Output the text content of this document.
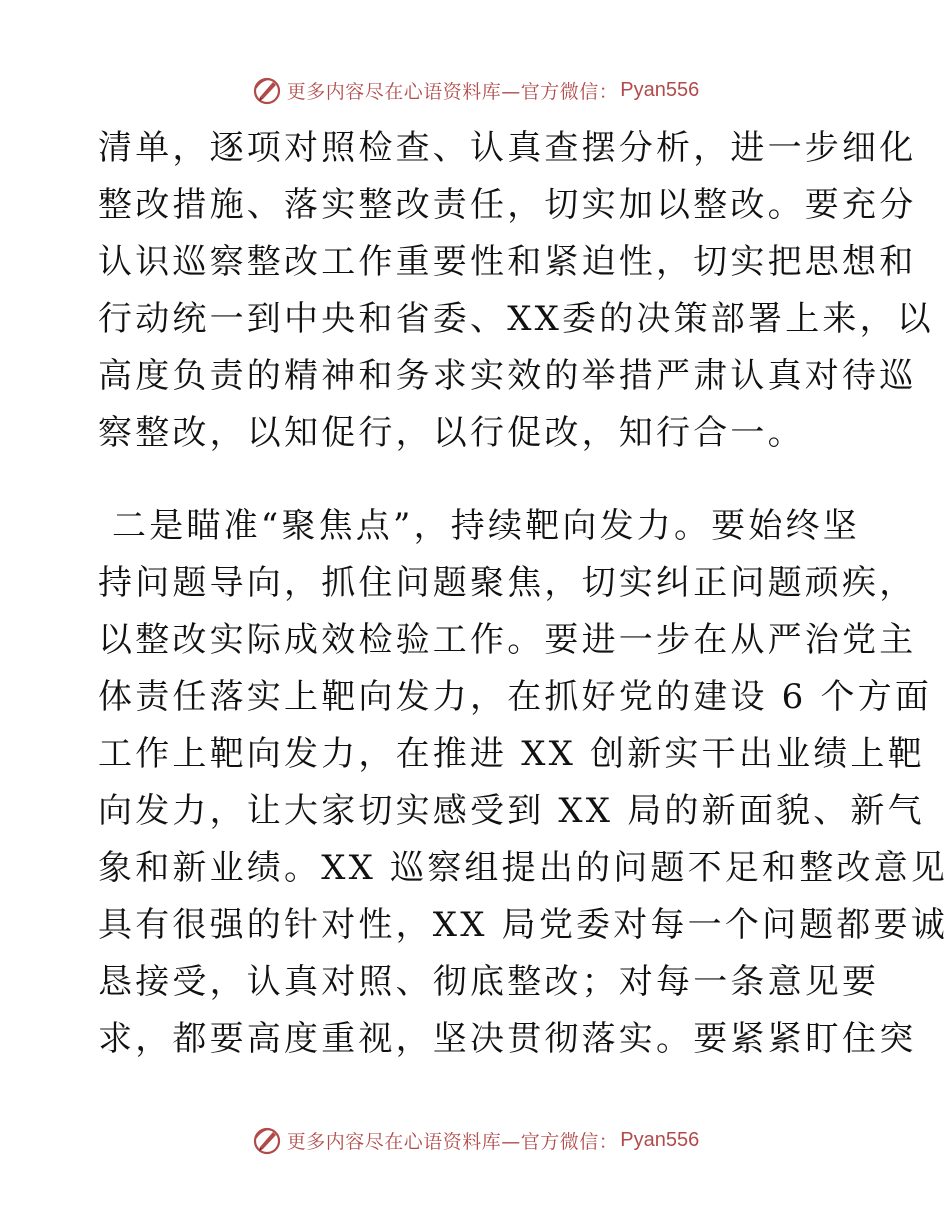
更多内容尽在心语资料库—官方微信： Pyan556
清单，逐项对照检查、认真查摆分析，进一步细化
整改措施、落实整改责任，切实加以整改。要充分
认识巡察整改工作重要性和紧迫性，切实把思想和
行动统一到中央和省委、XX委的决策部署上来，以
高度负责的精神和务求实效的举措严肃认真对待巡
察整改，以知促行，以行促改，知行合一。
二是瞄准“聚焦点”，持续靶向发力。要始终坚
持问题导向，抓住问题聚焦，切实纠正问题顽疾，
以整改实际成效检验工作。要进一步在从严治党主
体责任落实上靶向发力，在抓好党的建设 6 个方面
工作上靶向发力，在推进 XX 创新实干出业绩上靶
向发力，让大家切实感受到 XX 局的新面貌、新气
象和新业绩。XX 巡察组提出的问题不足和整改意见
具有很强的针对性，XX 局党委对每一个问题都要诚
恳接受，认真对照、彻底整改；对每一条意见要
求，都要高度重视，坚决贯彻落实。要紧紧盯住突
更多内容尽在心语资料库—官方微信： Pyan556
